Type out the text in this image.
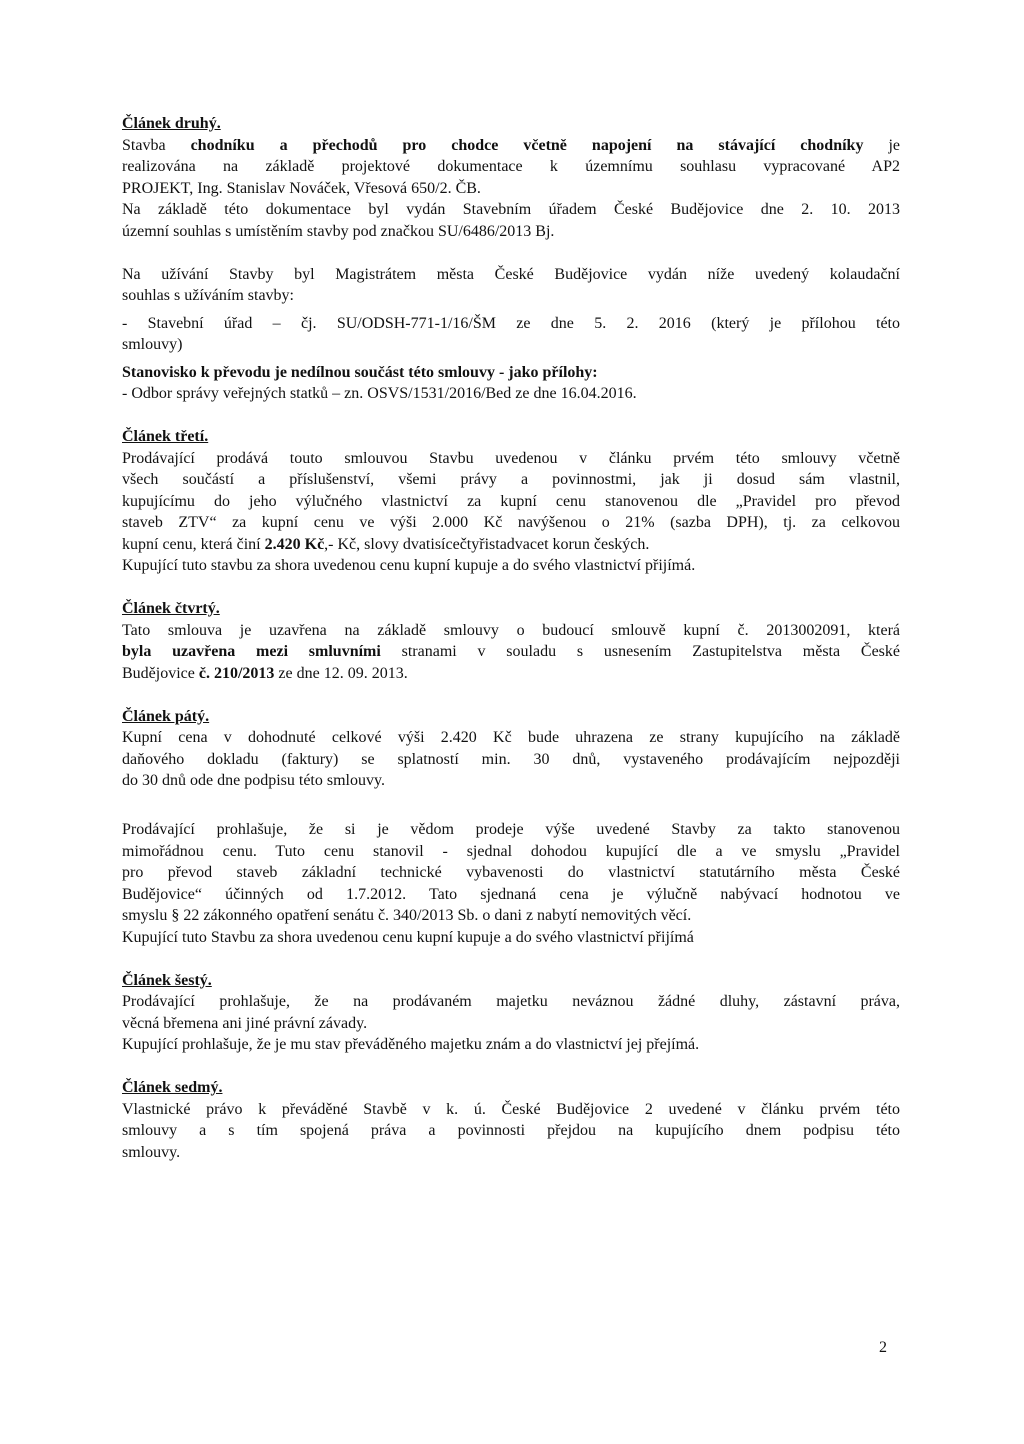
Článek druhý.
Stavba chodníku a přechodů pro chodce včetně napojení na stávající chodníky je
realizována na základě projektové dokumentace k územnímu souhlasu vypracované AP2
PROJEKT, Ing. Stanislav Nováček, Vřesová 650/2. ČB.
Na základě této dokumentace byl vydán Stavebním úřadem České Budějovice dne 2. 10. 2013
územní souhlas s umístěním stavby pod značkou SU/6486/2013 Bj.
Na užívání Stavby byl Magistrátem města České Budějovice vydán níže uvedený kolaudační
souhlas s užíváním stavby:
- Stavební úřad – čj. SU/ODSH-771-1/16/ŠM ze dne 5. 2. 2016 (který je přílohou této
smlouvy)
Stanovisko k převodu je nedílnou součást této smlouvy - jako přílohy:
- Odbor správy veřejných statků – zn. OSVS/1531/2016/Bed ze dne 16.04.2016.
Článek třetí.
Prodávající prodává touto smlouvou Stavbu uvedenou v článku prvém této smlouvy včetně
všech součástí a příslušenství, všemi právy a povinnostmi, jak ji dosud sám vlastnil,
kupujícímu do jeho výlučného vlastnictví za kupní cenu stanovenou dle „Pravidel pro převod
staveb ZTV“ za kupní cenu ve výši 2.000 Kč navýšenou o 21% (sazba DPH), tj. za celkovou
kupní cenu, která činí 2.420 Kč,- Kč, slovy dvatisícečtyřistadvacet korun českých.
Kupující tuto stavbu za shora uvedenou cenu kupní kupuje a do svého vlastnictví přijímá.
Článek čtvrtý.
Tato smlouva je uzavřena na základě smlouvy o budoucí smlouvě kupní č. 2013002091, která
byla uzavřena mezi smluvními stranami v souladu s usnesením Zastupitelstva města České
Budějovice č. 210/2013 ze dne 12. 09. 2013.
Článek pátý.
Kupní cena v dohodnuté celkové výši 2.420 Kč bude uhrazena ze strany kupujícího na základě
daňového dokladu (faktury) se splatností min. 30 dnů, vystaveného prodávajícím nejpozději
do 30 dnů ode dne podpisu této smlouvy.
Prodávající prohlašuje, že si je vědom prodeje výše uvedené Stavby za takto stanovenou
mimořádnou cenu. Tuto cenu stanovil - sjednal dohodou kupující dle a ve smyslu „Pravidel
pro převod staveb základní technické vybavenosti do vlastnictví statutárního města České
Budějovice“ účinných od 1.7.2012. Tato sjednaná cena je výlučně nabývací hodnotou ve
smyslu § 22 zákonného opatření senátu č. 340/2013 Sb. o dani z nabytí nemovitých věcí.
Kupující tuto Stavbu za shora uvedenou cenu kupní kupuje a do svého vlastnictví přijímá
Článek šestý.
Prodávající prohlašuje, že na prodávaném majetku neváznou žádné dluhy, zástavní práva,
věcná břemena ani jiné právní závady.
Kupující prohlašuje, že je mu stav převáděného majetku znám a do vlastnictví jej přejímá.
Článek sedmý.
Vlastnické právo k převáděné Stavbě v k. ú. České Budějovice 2 uvedené v článku prvém této
smlouvy a s tím spojená práva a povinnosti přejdou na kupujícího dnem podpisu této
smlouvy.
2
